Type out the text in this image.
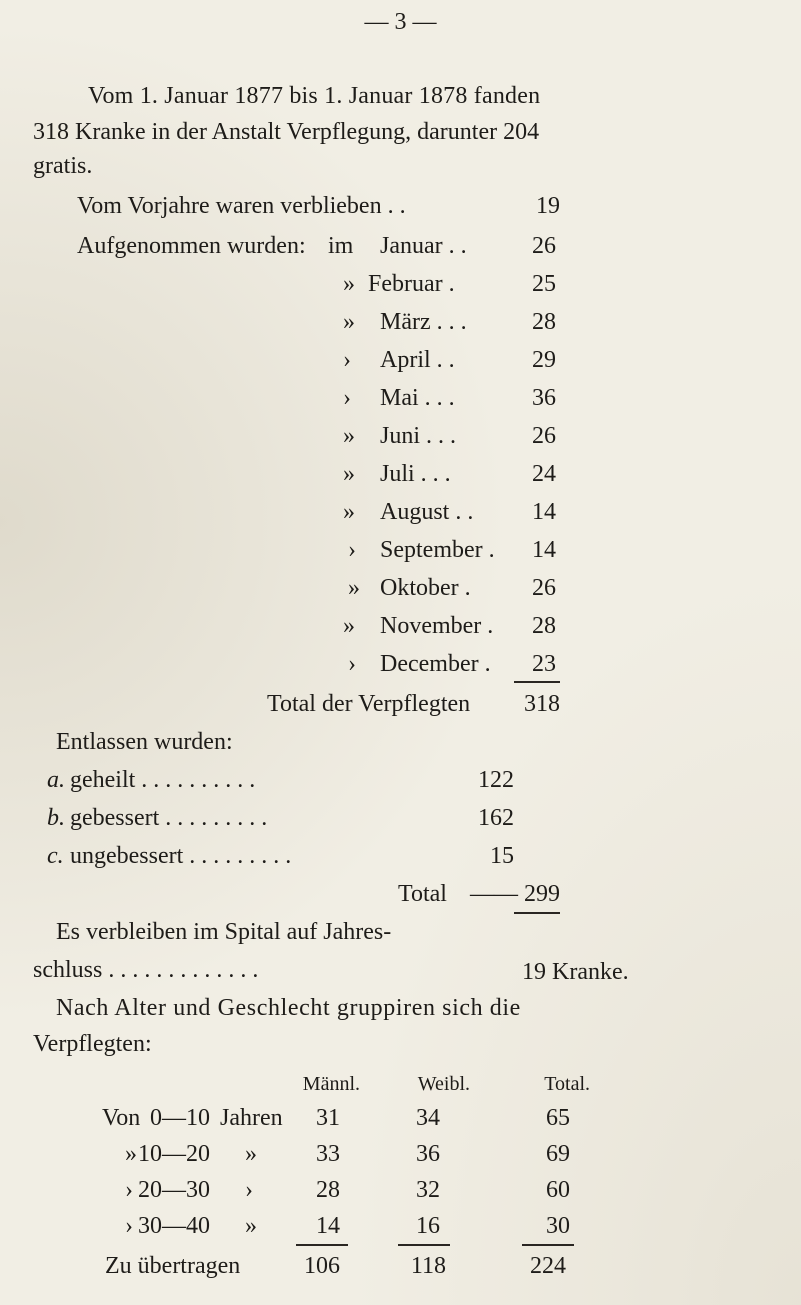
— 3 —
Vom 1. Januar 1877 bis 1. Januar 1878 fanden
318 Kranke in der Anstalt Verpflegung, darunter 204
gratis.
Vom Vorjahre waren verblieben . .	19
Aufgenommen wurden: im Januar . .	26
» Februar .	25
» März . . .	28
› April . .	29
› Mai . . .	36
» Juni . . .	26
» Juli . . .	24
» August . .	14
› September .	14
» Oktober .	26
» November .	28
› December .	23
Total der Verpflegten	318
Entlassen wurden:
a. geheilt . . . . . . . . . .	122
b. gebessert . . . . . . . . .	162
c. ungebessert . . . . . . . . .	15
Total —— 299
Es verbleiben im Spital auf Jahres-
schluss . . . . . . . . . . . . .	19 Kranke.
Nach Alter und Geschlecht gruppiren sich die
Verpflegten:
Männl.	Weibl.	Total.
Von 0—10 Jahren	31	34	65
» 10—20 »	33	36	69
› 20—30 ›	28	32	60
› 30—40 »	14	16	30
Zu übertragen	106	118	224
